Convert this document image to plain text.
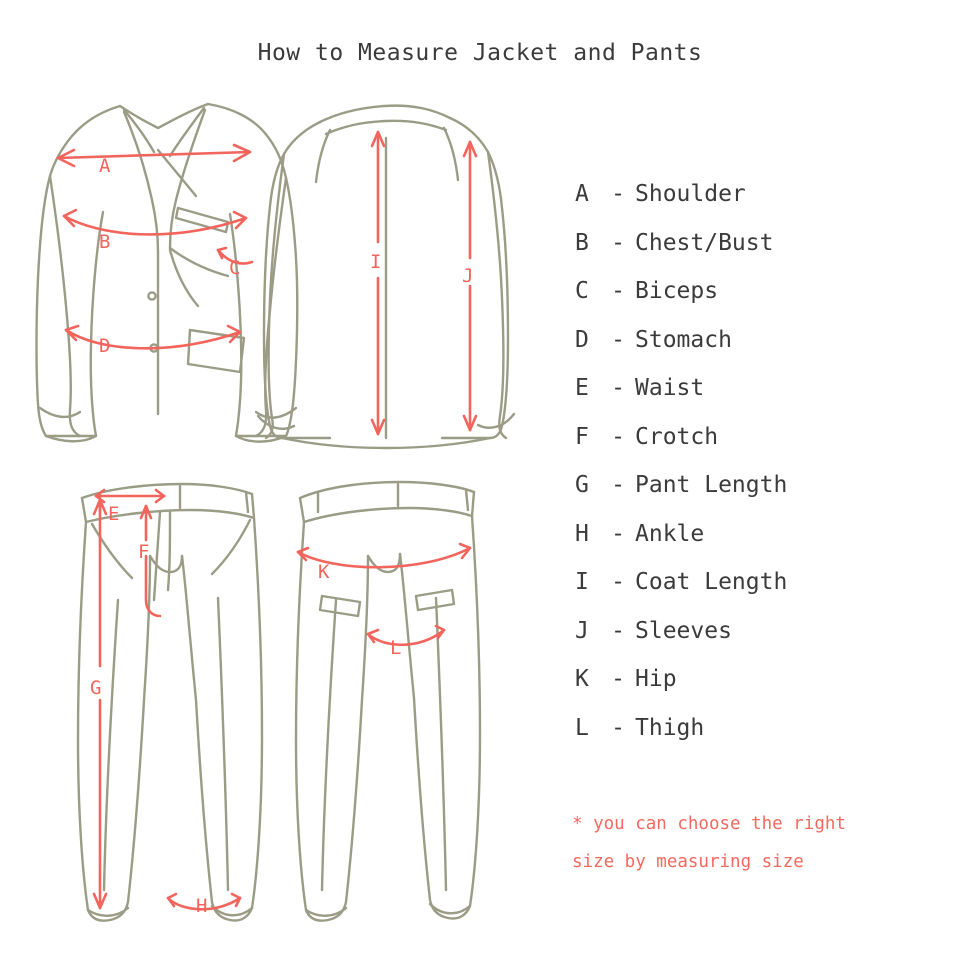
How to Measure Jacket and Pants
A
B
C
D
I
J
E
F
G
H
K
L
A - Shoulder
B - Chest/Bust
C - Biceps
D - Stomach
E - Waist
F - Crotch
G - Pant Length
H - Ankle
I - Coat Length
J - Sleeves
K - Hip
L - Thigh
* you can choose the right
size by measuring size
